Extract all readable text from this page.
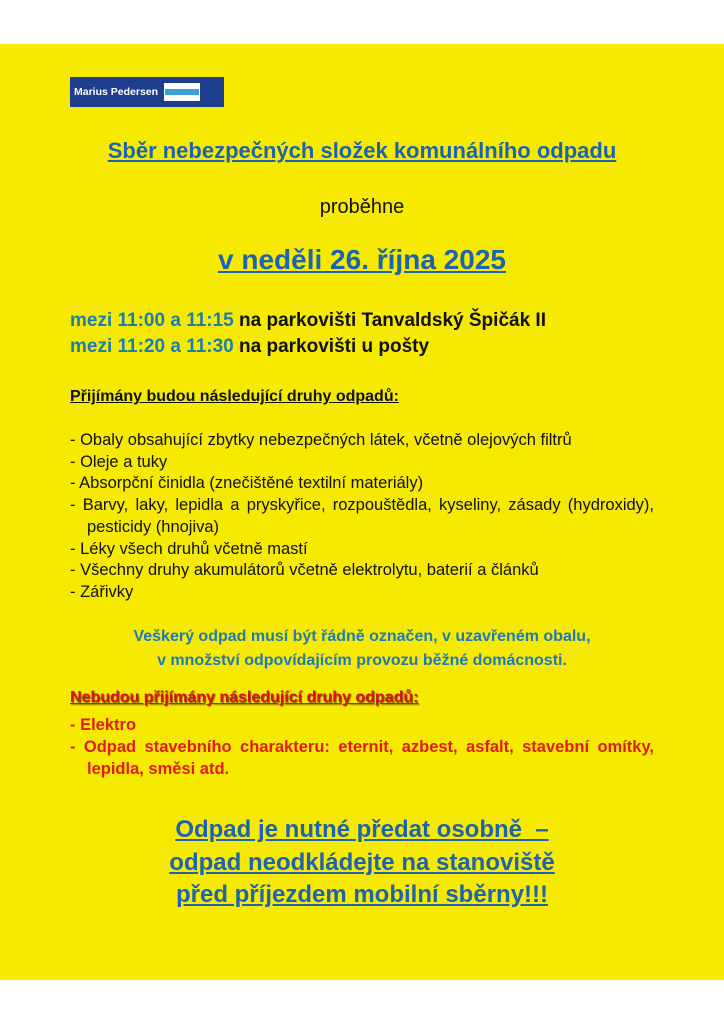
Marius Pedersen
Sběr nebezpečných složek komunálního odpadu
proběhne
v neděli 26. října 2025
mezi 11:00 a 11:15 na parkovišti Tanvaldský Špičák II
mezi 11:20 a 11:30 na parkovišti u pošty
Přijímány budou následující druhy odpadů:
- Obaly obsahující zbytky nebezpečných látek, včetně olejových filtrů
- Oleje a tuky
- Absorpční činidla (znečištěné textilní materiály)
- Barvy, laky, lepidla a pryskyřice, rozpouštědla, kyseliny, zásady (hydroxidy), pesticidy (hnojiva)
- Léky všech druhů včetně mastí
- Všechny druhy akumulátorů včetně elektrolytu, baterií a článků
- Zářivky
Veškerý odpad musí být řádně označen, v uzavřeném obalu,
v množství odpovídajícím provozu běžné domácnosti.
Nebudou přijímány následující druhy odpadů:
- Elektro
- Odpad stavebního charakteru: eternit, azbest, asfalt, stavební omítky, lepidla, směsi atd.
Odpad je nutné předat osobně  –
odpad neodkládejte na stanoviště
před příjezdem mobilní sběrny!!!
